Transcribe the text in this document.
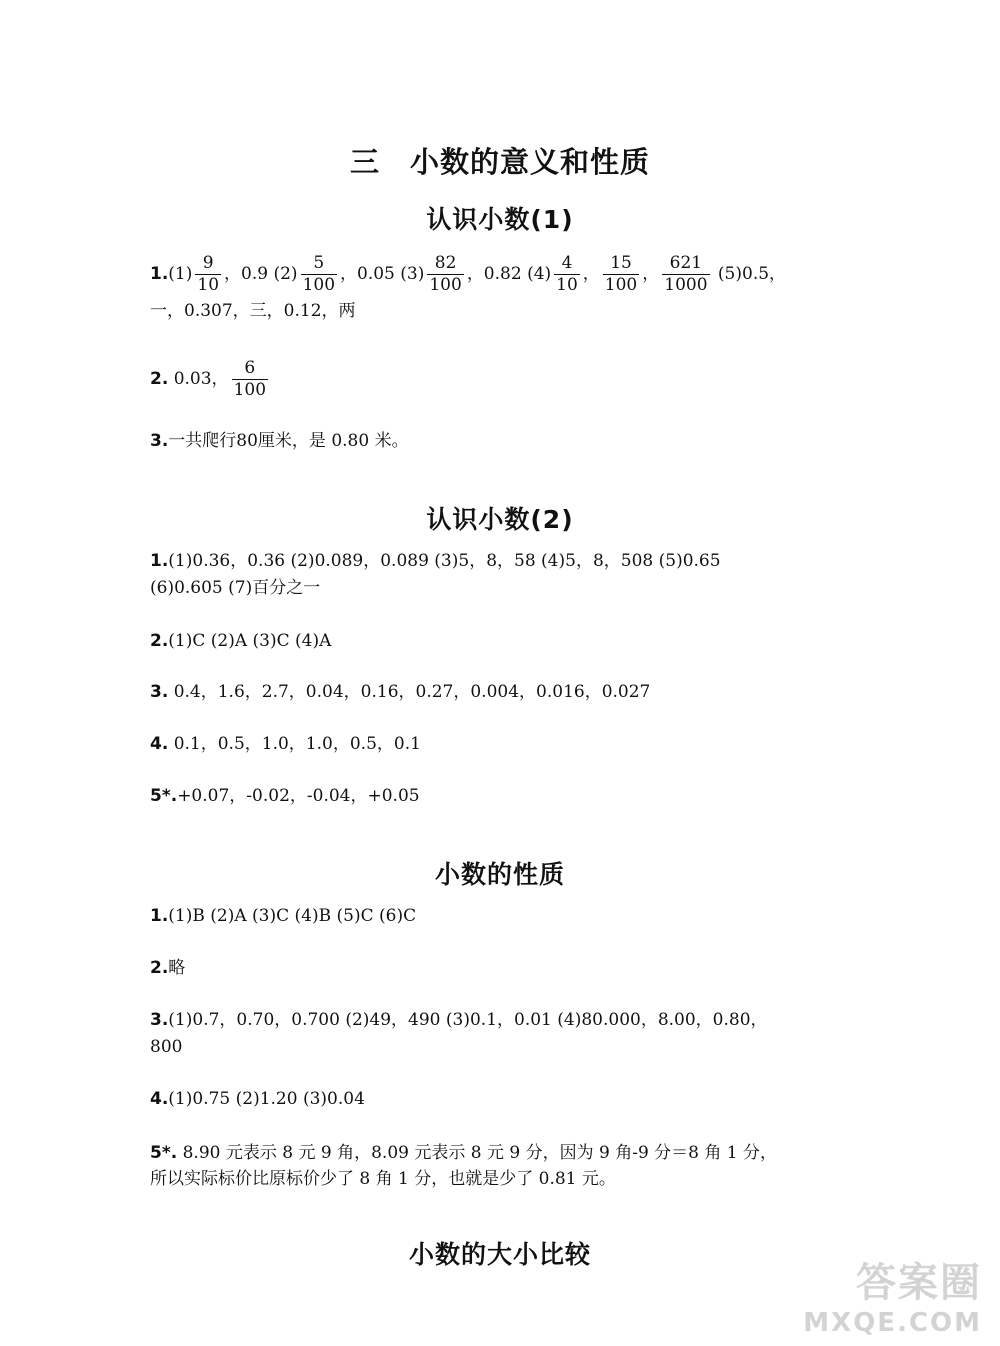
三 小数的意义和性质
认识小数(1)
$1.(1) \frac{9}{10}$ ，0.9 $(2) \frac{5}{100}$ ，0.05 $(3) \frac{82}{100}$ ，0.82 $(4) \frac{4}{10}$ ， $\frac{15}{100}$ ， $\frac{621}{1000} (5)0.5$，
一，0.307，三，0.12，两
2. 0.03， $\frac{6}{100}$
3.一共爬行80厘米，是 0.80 米。
认识小数(2)
1.(1)0.36，0.36 (2)0.089，0.089 (3)5，8，58 (4)5，8，508 (5)0.65
(6)0.605 (7)百分之一
2.(1)C (2)A (3)C (4)A
3. 0.4，1.6，2.7，0.04，0.16，0.27，0.004，0.016，0.027
4. 0.1，0.5，1.0，1.0，0.5，0.1
5*.+0.07，-0.02，-0.04，+0.05
小数的性质
1.(1)B (2)A (3)C (4)B (5)C (6)C
2.略
3.(1)0.7，0.70，0.700 (2)49，490 (3)0.1，0.01 (4)80.000，8.00，0.80，
800
4.(1)0.75 (2)1.20 (3)0.04
5*. 8.90 元表示 8 元 9 角，8.09 元表示 8 元 9 分，因为 9 角-9 分＝8 角 1 分，
所以实际标价比原标价少了 8 角 1 分，也就是少了 0.81 元。
小数的大小比较
答案圈
MXQE.COM
